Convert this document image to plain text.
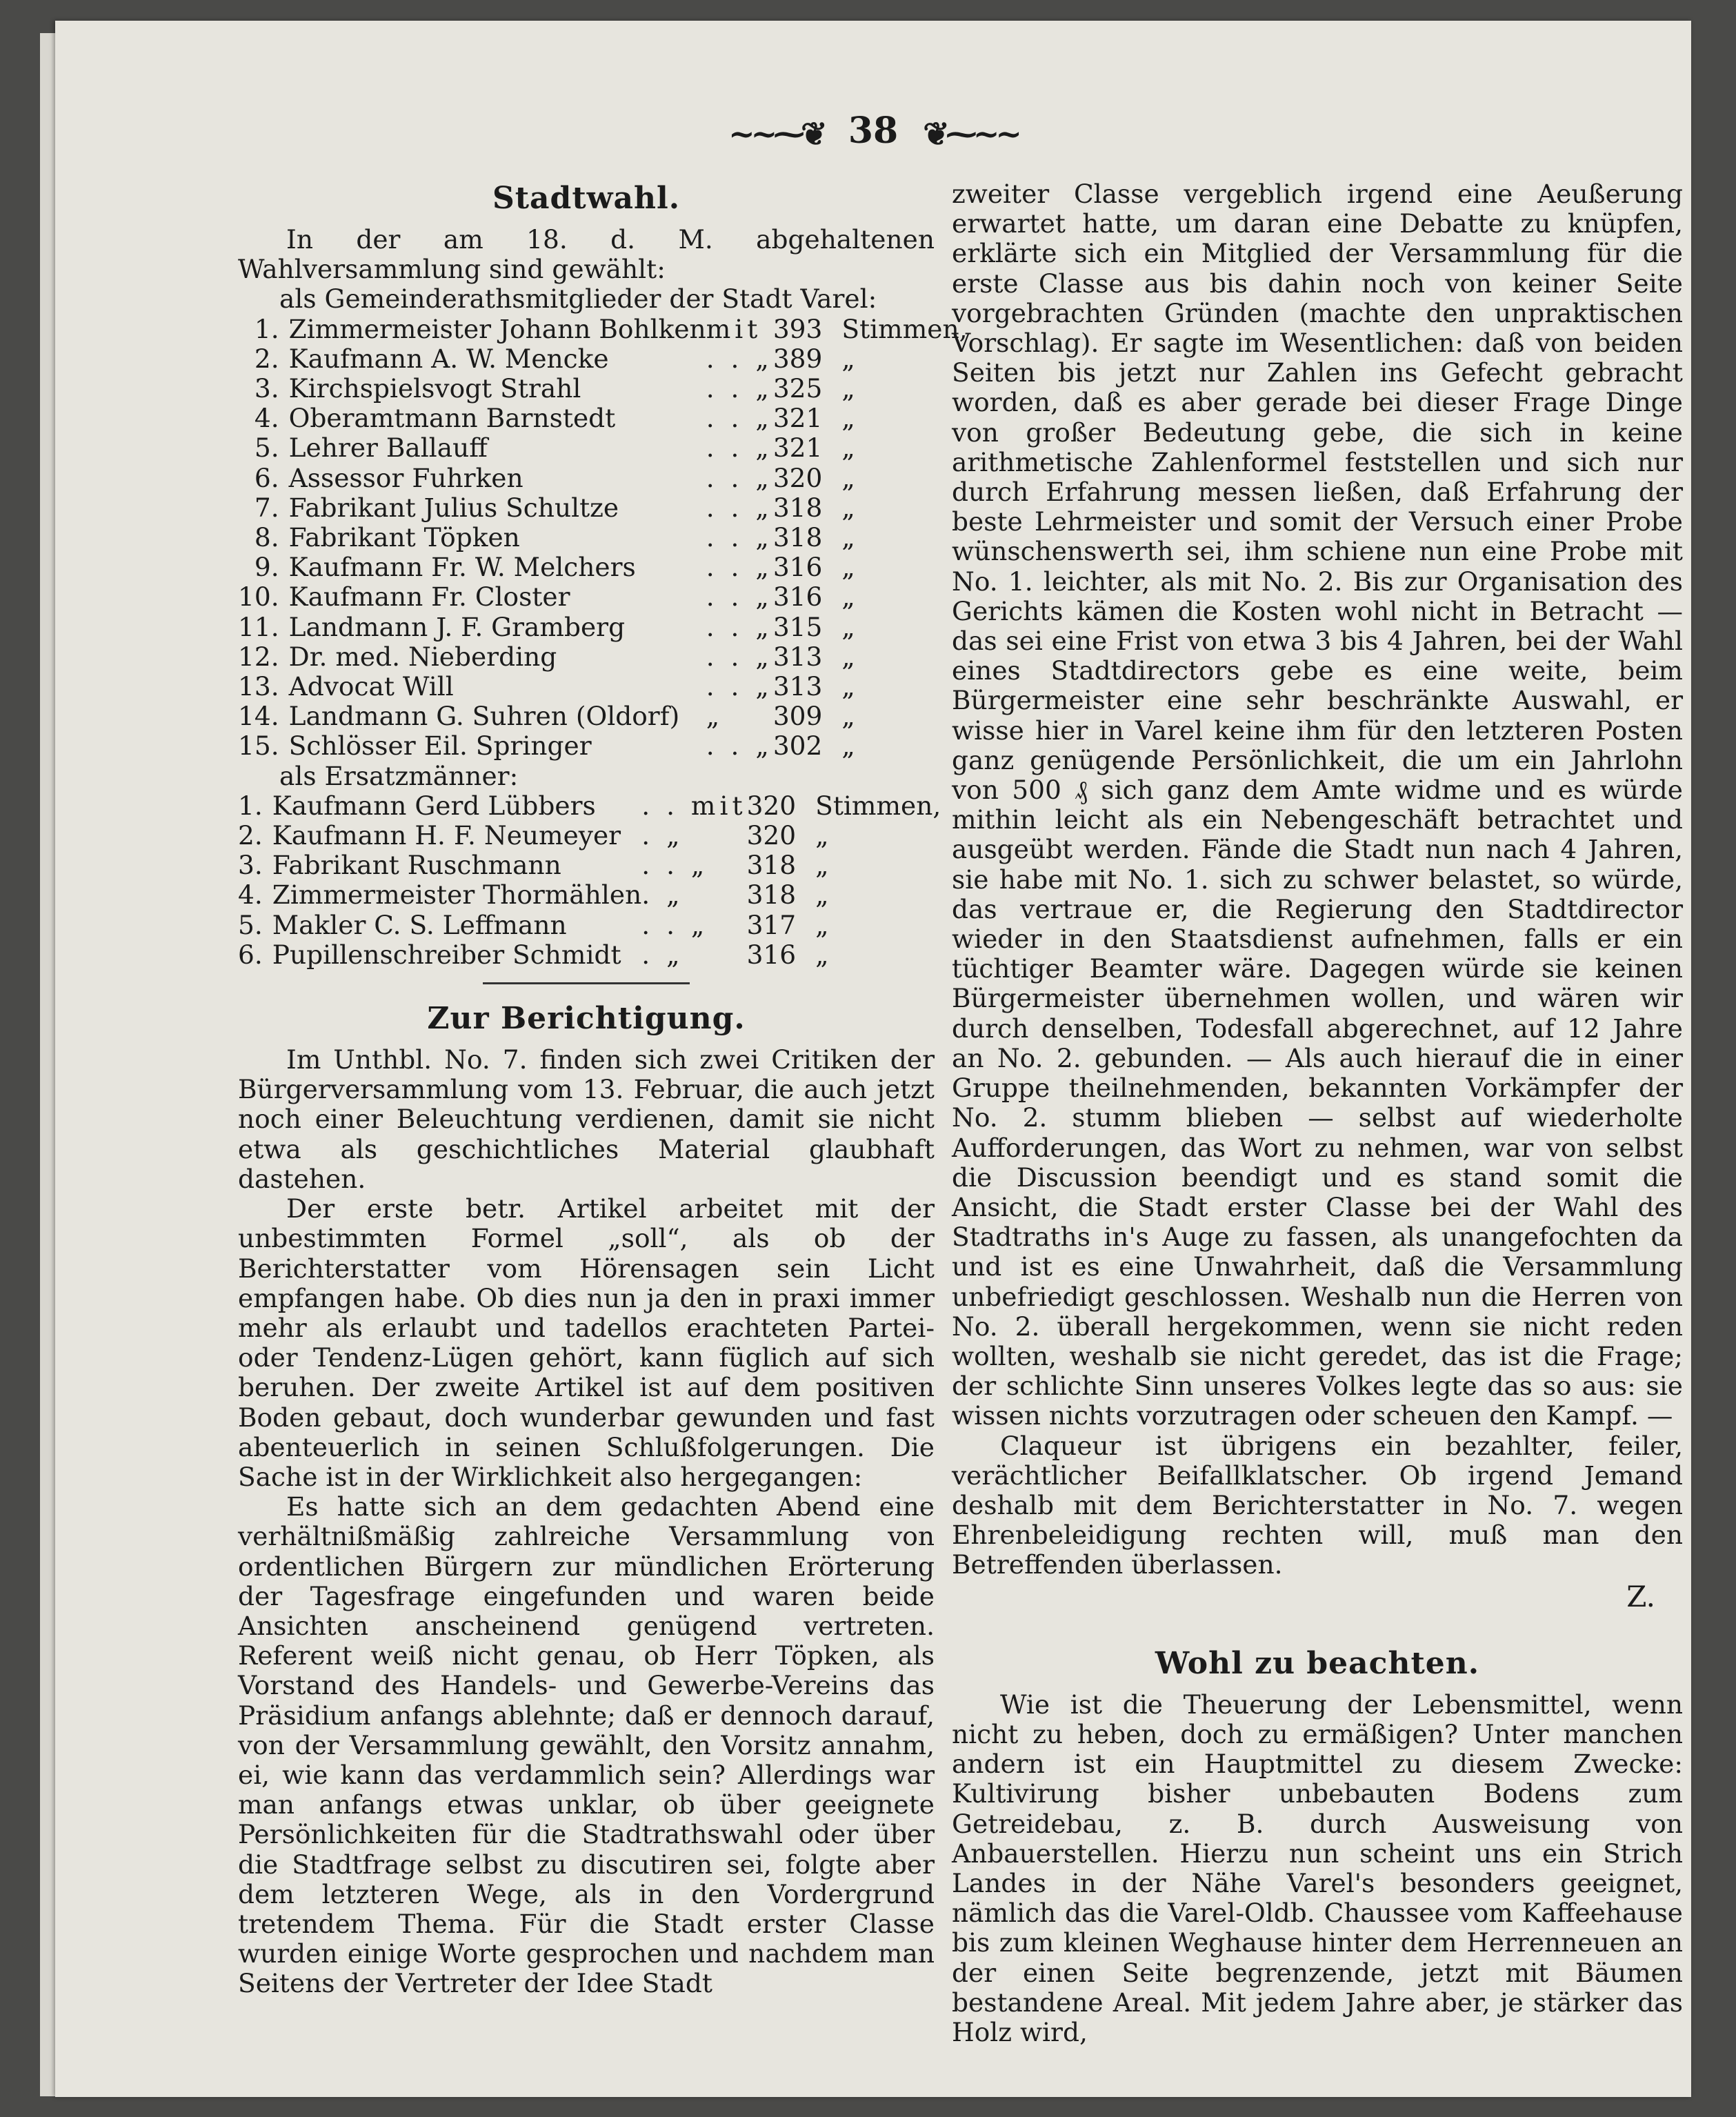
~~⁓❦ 38 ❦⁓~~
Stadtwahl.

In der am 18. d. M. abgehaltenen Wahlversammlung sind gewählt:

als Gemeinderathsmitglieder der Stadt Varel:
1.	Zimmermeister Johann Bohlken	mit	393	Stimmen,
2.	Kaufmann A. W. Mencke	. . „	389	„
3.	Kirchspielsvogt Strahl	. . „	325	„
4.	Oberamtmann Barnstedt	. . „	321	„
5.	Lehrer Ballauff	. . „	321	„
6.	Assessor Fuhrken	. . „	320	„
7.	Fabrikant Julius Schultze	. . „	318	„
8.	Fabrikant Töpken	. . „	318	„
9.	Kaufmann Fr. W. Melchers	. . „	316	„
10.	Kaufmann Fr. Closter	. . „	316	„
11.	Landmann J. F. Gramberg	. . „	315	„
12.	Dr. med. Nieberding	. . „	313	„
13.	Advocat Will	. . „	313	„
14.	Landmann G. Suhren (Oldorf)	„	309	„
15.	Schlösser Eil. Springer	. . „	302	„
als Ersatzmänner:
1.	Kaufmann Gerd Lübbers	. . mit	320	Stimmen,
2.	Kaufmann H. F. Neumeyer	. „	320	„
3.	Fabrikant Ruschmann	. . „	318	„
4.	Zimmermeister Thormählen	. „	318	„
5.	Makler C. S. Leffmann	. . „	317	„
6.	Pupillenschreiber Schmidt	. „	316	„
Zur Berichtigung.

Im Unthbl. No. 7. finden sich zwei Critiken der Bürgerversammlung vom 13. Februar, die auch jetzt noch einer Beleuchtung verdienen, damit sie nicht etwa als geschichtliches Material glaubhaft dastehen.

Der erste betr. Artikel arbeitet mit der unbestimmten Formel „soll“, als ob der Berichterstatter vom Hörensagen sein Licht empfangen habe. Ob dies nun ja den in praxi immer mehr als erlaubt und tadellos erachteten Partei- oder Tendenz-Lügen gehört, kann füglich auf sich beruhen. Der zweite Artikel ist auf dem positiven Boden gebaut, doch wunderbar gewunden und fast abenteuerlich in seinen Schlußfolgerungen. Die Sache ist in der Wirklichkeit also hergegangen:

Es hatte sich an dem gedachten Abend eine verhältnißmäßig zahlreiche Versammlung von ordentlichen Bürgern zur mündlichen Erörterung der Tagesfrage eingefunden und waren beide Ansichten anscheinend genügend vertreten. Referent weiß nicht genau, ob Herr Töpken, als Vorstand des Handels- und Gewerbe-Vereins das Präsidium anfangs ablehnte; daß er dennoch darauf, von der Versammlung gewählt, den Vorsitz annahm, ei, wie kann das verdammlich sein? Allerdings war man anfangs etwas unklar, ob über geeignete Persönlichkeiten für die Stadtrathswahl oder über die Stadtfrage selbst zu discutiren sei, folgte aber dem letzteren Wege, als in den Vordergrund tretendem Thema. Für die Stadt erster Classe wurden einige Worte gesprochen und nachdem man Seitens der Vertreter der Idee Stadt

zweiter Classe vergeblich irgend eine Aeußerung erwartet hatte, um daran eine Debatte zu knüpfen, erklärte sich ein Mitglied der Versammlung für die erste Classe aus bis dahin noch von keiner Seite vorgebrachten Gründen (machte den unpraktischen Vorschlag). Er sagte im Wesentlichen: daß von beiden Seiten bis jetzt nur Zahlen ins Gefecht gebracht worden, daß es aber gerade bei dieser Frage Dinge von großer Bedeutung gebe, die sich in keine arithmetische Zahlenformel feststellen und sich nur durch Erfahrung messen ließen, daß Erfahrung der beste Lehrmeister und somit der Versuch einer Probe wünschenswerth sei, ihm schiene nun eine Probe mit No. 1. leichter, als mit No. 2. Bis zur Organisation des Gerichts kämen die Kosten wohl nicht in Betracht — das sei eine Frist von etwa 3 bis 4 Jahren, bei der Wahl eines Stadtdirectors gebe es eine weite, beim Bürgermeister eine sehr beschränkte Auswahl, er wisse hier in Varel keine ihm für den letzteren Posten ganz genügende Persönlichkeit, die um ein Jahrlohn von 500 ₰ sich ganz dem Amte widme und es würde mithin leicht als ein Nebengeschäft betrachtet und ausgeübt werden. Fände die Stadt nun nach 4 Jahren, sie habe mit No. 1. sich zu schwer belastet, so würde, das vertraue er, die Regierung den Stadtdirector wieder in den Staatsdienst aufnehmen, falls er ein tüchtiger Beamter wäre. Dagegen würde sie keinen Bürgermeister übernehmen wollen, und wären wir durch denselben, Todesfall abgerechnet, auf 12 Jahre an No. 2. gebunden. — Als auch hierauf die in einer Gruppe theilnehmenden, bekannten Vorkämpfer der No. 2. stumm blieben — selbst auf wiederholte Aufforderungen, das Wort zu nehmen, war von selbst die Discussion beendigt und es stand somit die Ansicht, die Stadt erster Classe bei der Wahl des Stadtraths in's Auge zu fassen, als unangefochten da und ist es eine Unwahrheit, daß die Versammlung unbefriedigt geschlossen. Weshalb nun die Herren von No. 2. überall hergekommen, wenn sie nicht reden wollten, weshalb sie nicht geredet, das ist die Frage; der schlichte Sinn unseres Volkes legte das so aus: sie wissen nichts vorzutragen oder scheuen den Kampf. —

Claqueur ist übrigens ein bezahlter, feiler, verächtlicher Beifallklatscher. Ob irgend Jemand deshalb mit dem Berichterstatter in No. 7. wegen Ehrenbeleidigung rechten will, muß man den Betreffenden überlassen.

Z.
Wohl zu beachten.

Wie ist die Theuerung der Lebensmittel, wenn nicht zu heben, doch zu ermäßigen? Unter manchen andern ist ein Hauptmittel zu diesem Zwecke: Kultivirung bisher unbebauten Bodens zum Getreidebau, z. B. durch Ausweisung von Anbauerstellen. Hierzu nun scheint uns ein Strich Landes in der Nähe Varel's besonders geeignet, nämlich das die Varel-Oldb. Chaussee vom Kaffeehause bis zum kleinen Weghause hinter dem Herrenneuen an der einen Seite begrenzende, jetzt mit Bäumen bestandene Areal. Mit jedem Jahre aber, je stärker das Holz wird,
